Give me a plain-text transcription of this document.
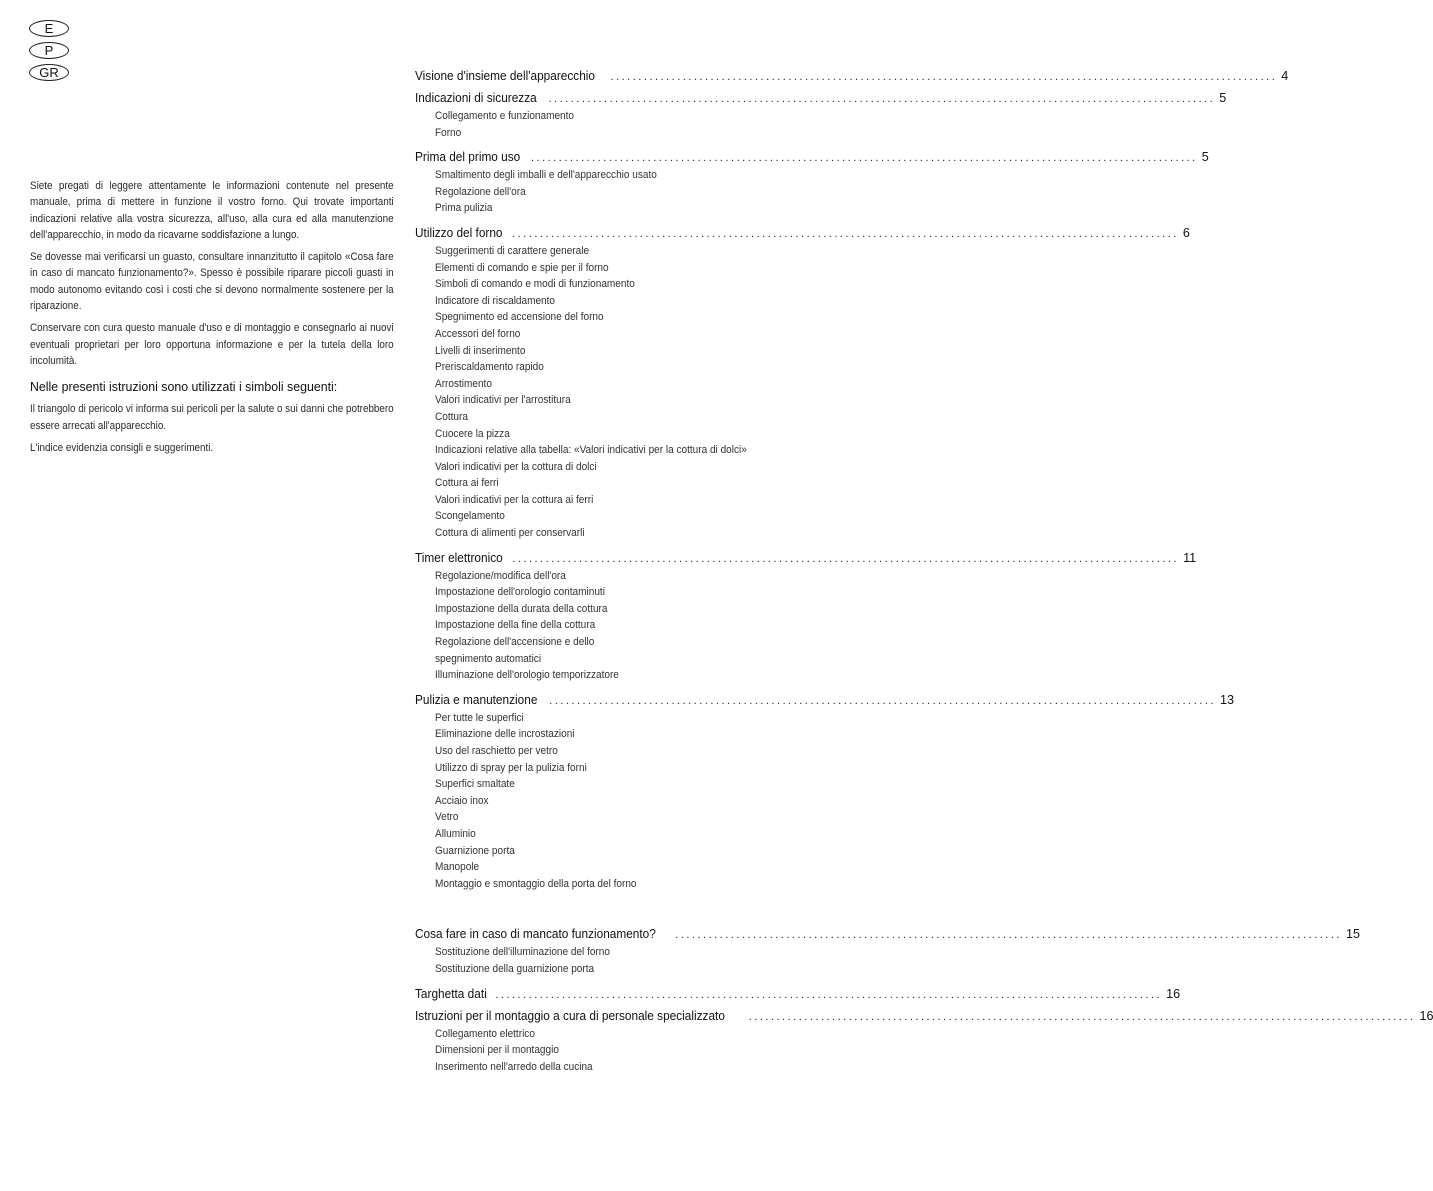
E
P
GR

Siete pregati di leggere attentamente le informazioni contenute nel presente manuale, prima di mettere in funzione il vostro forno. Qui trovate importanti indicazioni relative alla vostra sicurezza, all'uso, alla cura ed alla manutenzione dell'apparecchio, in modo da ricavarne soddisfazione a lungo.

Se dovesse mai verificarsi un guasto, consultare innanzitutto il capitolo «Cosa fare in caso di mancato funzionamento?». Spesso è possibile riparare piccoli guasti in modo autonomo evitando così i costi che si devono normalmente sostenere per la riparazione.

Conservare con cura questo manuale d'uso e di montaggio e consegnarlo ai nuovi eventuali proprietari per loro opportuna informazione e per la tutela della loro incolumità.

Nelle presenti istruzioni sono utilizzati i simboli seguenti:

Il triangolo di pericolo vi informa sui pericoli per la salute o sui danni che potrebbero essere arrecati all'apparecchio.

L'indice evidenzia consigli e suggerimenti.

Visione d'insieme dell'apparecchio ........................................................................................................................ 4
Indicazioni di sicurezza ........................................................................................................................ 5
Collegamento e funzionamento
Forno
Prima del primo uso ........................................................................................................................ 5
Smaltimento degli imballi e dell'apparecchio usato
Regolazione dell'ora
Prima pulizia
Utilizzo del forno ........................................................................................................................ 6
Suggerimenti di carattere generale
Elementi di comando e spie per il forno
Simboli di comando e modi di funzionamento
Indicatore di riscaldamento
Spegnimento ed accensione del forno
Accessori del forno
Livelli di inserimento
Preriscaldamento rapido
Arrostimento
Valori indicativi per l'arrostitura
Cottura
Cuocere la pizza
Indicazioni relative alla tabella: «Valori indicativi per la cottura di dolci»
Valori indicativi per la cottura di dolci
Cottura ai ferri
Valori indicativi per la cottura ai ferri
Scongelamento
Cottura di alimenti per conservarli
Timer elettronico ........................................................................................................................ 11
Regolazione/modifica dell'ora
Impostazione dell'orologio contaminuti
Impostazione della durata della cottura
Impostazione della fine della cottura
Regolazione dell'accensione e dello
spegnimento automatici
Illuminazione dell'orologio temporizzatore
Pulizia e manutenzione ........................................................................................................................ 13
Per tutte le superfici
Eliminazione delle incrostazioni
Uso del raschietto per vetro
Utilizzo di spray per la pulizia forni
Superfici smaltate
Acciaio inox
Vetro
Alluminio
Guarnizione porta
Manopole
Montaggio e smontaggio della porta del forno
Cosa fare in caso di mancato funzionamento? ........................................................................................................................ 15
Sostituzione dell'illuminazione del forno
Sostituzione della guarnizione porta
Targhetta dati ........................................................................................................................ 16
Istruzioni per il montaggio a cura di personale specializzato ........................................................................................................................ 16
Collegamento elettrico
Dimensioni per il montaggio
Inserimento nell'arredo della cucina
